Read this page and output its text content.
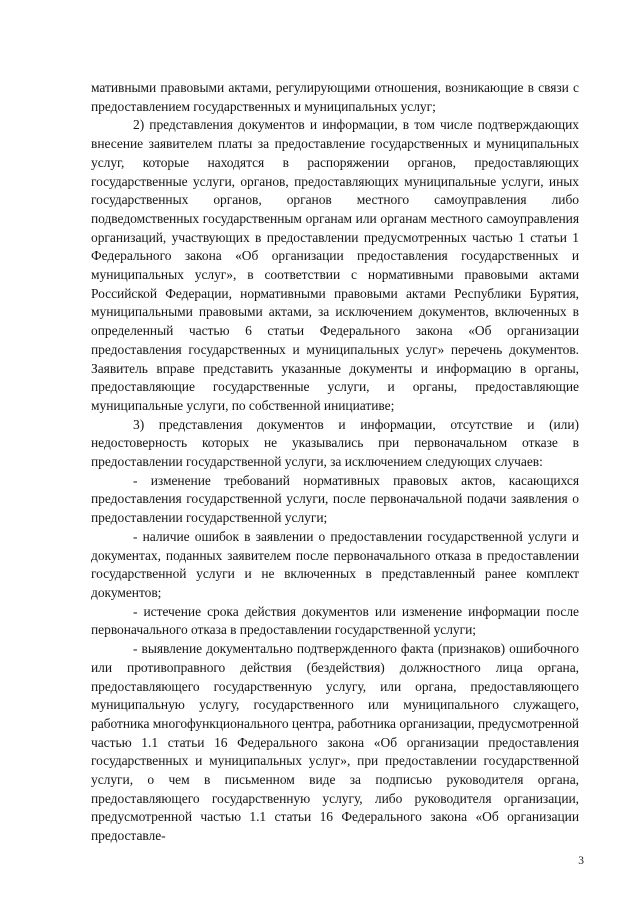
мативными правовыми актами, регулирующими отношения, возникающие в связи с предоставлением государственных и муниципальных услуг;

2) представления документов и информации, в том числе подтверждающих внесение заявителем платы за предоставление государственных и муниципальных услуг, которые находятся в распоряжении органов, предоставляющих государственные услуги, органов, предоставляющих муниципальные услуги, иных государственных органов, органов местного самоуправления либо подведомственных государственным органам или органам местного самоуправления организаций, участвующих в предоставлении предусмотренных частью 1 статьи 1 Федерального закона «Об организации предоставления государственных и муниципальных услуг», в соответствии с нормативными правовыми актами Российской Федерации, нормативными правовыми актами Республики Бурятия, муниципальными правовыми актами, за исключением документов, включенных в определенный частью 6 статьи Федерального закона «Об организации предоставления государственных и муниципальных услуг» перечень документов. Заявитель вправе представить указанные документы и информацию в органы, предоставляющие государственные услуги, и органы, предоставляющие муниципальные услуги, по собственной инициативе;

3) представления документов и информации, отсутствие и (или) недостоверность которых не указывались при первоначальном отказе в предоставлении государственной услуги, за исключением следующих случаев:

- изменение требований нормативных правовых актов, касающихся предоставления государственной услуги, после первоначальной подачи заявления о предоставлении государственной услуги;

- наличие ошибок в заявлении о предоставлении государственной услуги и документах, поданных заявителем после первоначального отказа в предоставлении государственной услуги и не включенных в представленный ранее комплект документов;

- истечение срока действия документов или изменение информации после первоначального отказа в предоставлении государственной услуги;

- выявление документально подтвержденного факта (признаков) ошибочного или противоправного действия (бездействия) должностного лица органа, предоставляющего государственную услугу, или органа, предоставляющего муниципальную услугу, государственного или муниципального служащего, работника многофункционального центра, работника организации, предусмотренной частью 1.1 статьи 16 Федерального закона «Об организации предоставления государственных и муниципальных услуг», при предоставлении государственной услуги, о чем в письменном виде за подписью руководителя органа, предоставляющего государственную услугу, либо руководителя организации, предусмотренной частью 1.1 статьи 16 Федерального закона «Об организации предоставле-

3
